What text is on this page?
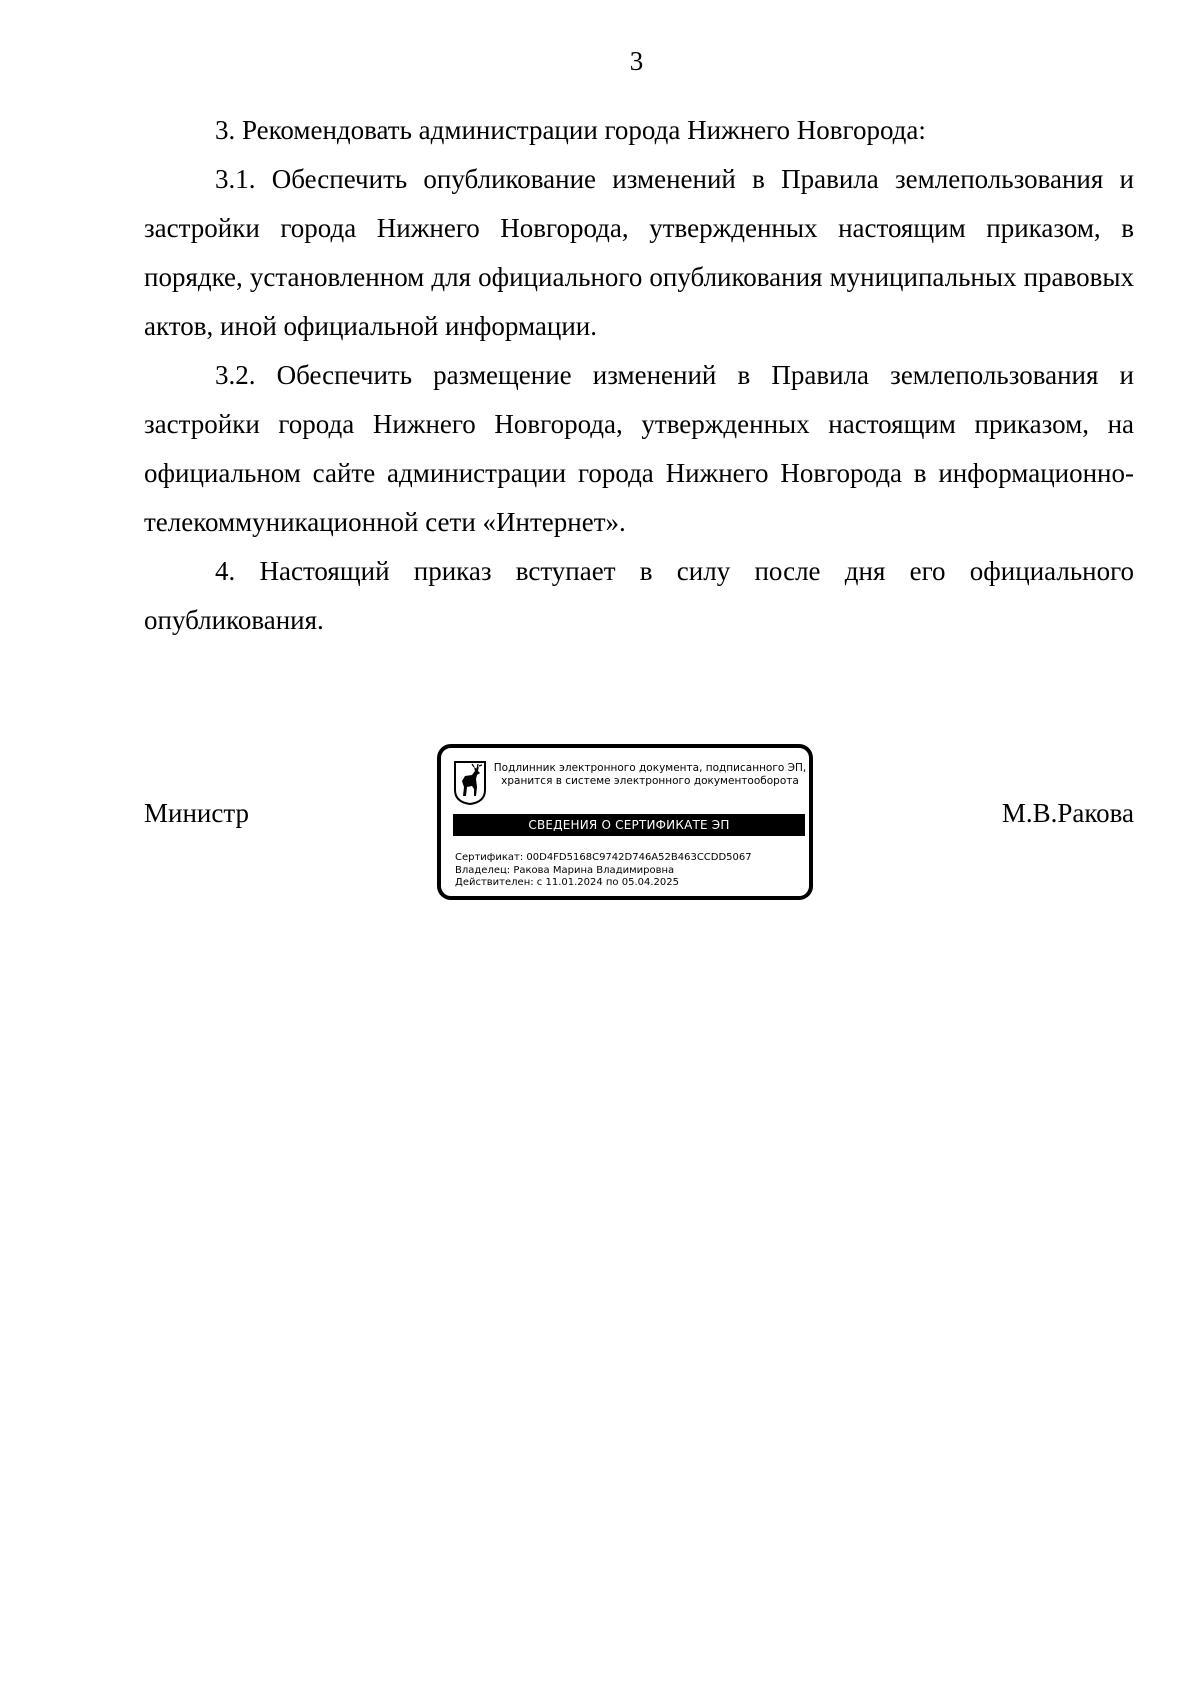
3

3. Рекомендовать администрации города Нижнего Новгорода:

3.1. Обеспечить опубликование изменений в Правила землепользования и застройки города Нижнего Новгорода, утвержденных настоящим приказом, в порядке, установленном для официального опубликования муниципальных правовых актов, иной официальной информации.

3.2. Обеспечить размещение изменений в Правила землепользования и застройки города Нижнего Новгорода, утвержденных настоящим приказом, на официальном сайте администрации города Нижнего Новгорода в информационно-телекоммуникационной сети «Интернет».

4. Настоящий приказ вступает в силу после дня его официального опубликования.

Министр
Подлинник электронного документа, подписанного ЭП,
хранится в системе электронного документооборота
СВЕДЕНИЯ О СЕРТИФИКАТЕ ЭП
Сертификат: 00D4FD5168C9742D746A52B463CCDD5067
Владелец: Ракова Марина Владимировна
Действителен: с 11.01.2024 по 05.04.2025
М.В.Ракова
